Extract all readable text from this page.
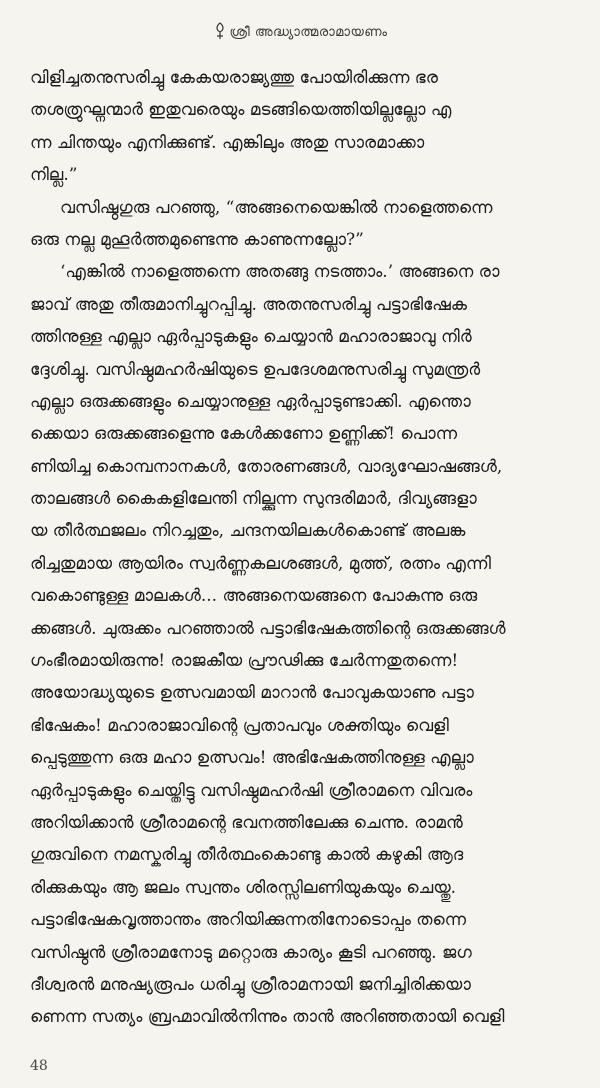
ശ്രീ അദ്ധ്യാത്മരാമായണം
വിളിച്ചതനുസരിച്ചു കേകയരാജ്യത്തു പോയിരിക്കുന്ന ഭര
തശത്രുഘ്നന്മാർ ഇതുവരെയും മടങ്ങിയെത്തിയില്ലല്ലോ എ
ന്ന ചിന്തയും എനിക്കുണ്ട്. എങ്കിലും അതു സാരമാക്കാ
നില്ല.”
വസിഷ്ഠഗുരു പറഞ്ഞു, “അങ്ങനെയെങ്കിൽ നാളെത്തന്നെ
ഒരു നല്ല മുഹൂർത്തമുണ്ടെന്നു കാണുന്നല്ലോ?”
‘എങ്കിൽ നാളെത്തന്നെ അതങ്ങു നടത്താം.’ അങ്ങനെ രാ
ജാവ് അതു തീരുമാനിച്ചുറപ്പിച്ചു. അതനുസരിച്ചു പട്ടാഭിഷേക
ത്തിനുള്ള എല്ലാ ഏർപ്പാടുകളും ചെയ്യാൻ മഹാരാജാവു നിർ
ദ്ദേശിച്ചു. വസിഷ്ഠമഹർഷിയുടെ ഉപദേശമനുസരിച്ചു സുമന്ത്രർ
എല്ലാ ഒരുക്കങ്ങളും ചെയ്യാനുള്ള ഏർപ്പാടുണ്ടാക്കി. എന്തൊ
ക്കെയാ ഒരുക്കങ്ങളെന്നു കേൾക്കണോ ഉണ്ണിക്ക്! പൊന്ന
ണിയിച്ച കൊമ്പനാനകൾ, തോരണങ്ങൾ, വാദ്യഘോഷങ്ങൾ,
താലങ്ങൾ കൈകളിലേന്തി നില്ക്കുന്ന സുന്ദരിമാർ, ദിവ്യങ്ങളാ
യ തീർത്ഥജലം നിറച്ചതും, ചന്ദനയിലകൾകൊണ്ട് അലങ്ക
രിച്ചതുമായ ആയിരം സ്വർണ്ണകലശങ്ങൾ, മുത്ത്, രത്നം എന്നി
വകൊണ്ടുള്ള മാലകൾ... അങ്ങനെയങ്ങനെ പോകുന്നു ഒരു
ക്കങ്ങൾ. ചുരുക്കം പറഞ്ഞാൽ പട്ടാഭിഷേകത്തിന്റെ ഒരുക്കങ്ങൾ
ഗംഭീരമായിരുന്നു! രാജകീയ പ്രൗഢിക്കു ചേർന്നതുതന്നെ!
അയോദ്ധ്യയുടെ ഉത്സവമായി മാറാൻ പോവുകയാണു പട്ടാ
ഭിഷേകം! മഹാരാജാവിന്റെ പ്രതാപവും ശക്തിയും വെളി
പ്പെടുത്തുന്ന ഒരു മഹാ ഉത്സവം! അഭിഷേകത്തിനുള്ള എല്ലാ
ഏർപ്പാടുകളും ചെയ്തിട്ടു വസിഷ്ഠമഹർഷി ശ്രീരാമനെ വിവരം
അറിയിക്കാൻ ശ്രീരാമന്റെ ഭവനത്തിലേക്കു ചെന്നു. രാമൻ
ഗുരുവിനെ നമസ്കരിച്ചു തീർത്ഥംകൊണ്ടു കാൽ കഴുകി ആദ
രിക്കുകയും ആ ജലം സ്വന്തം ശിരസ്സിലണിയുകയും ചെയ്തു.
പട്ടാഭിഷേകവൃത്താന്തം അറിയിക്കുന്നതിനോടൊപ്പം തന്നെ
വസിഷ്ഠൻ ശ്രീരാമനോടു മറ്റൊരു കാര്യം കൂടി പറഞ്ഞു. ജഗ
ദീശ്വരൻ മനുഷ്യരൂപം ധരിച്ചു ശ്രീരാമനായി ജനിച്ചിരിക്കയാ
ണെന്ന സത്യം ബ്രഹ്മാവിൽനിന്നും താൻ അറിഞ്ഞതായി വെളി
48
